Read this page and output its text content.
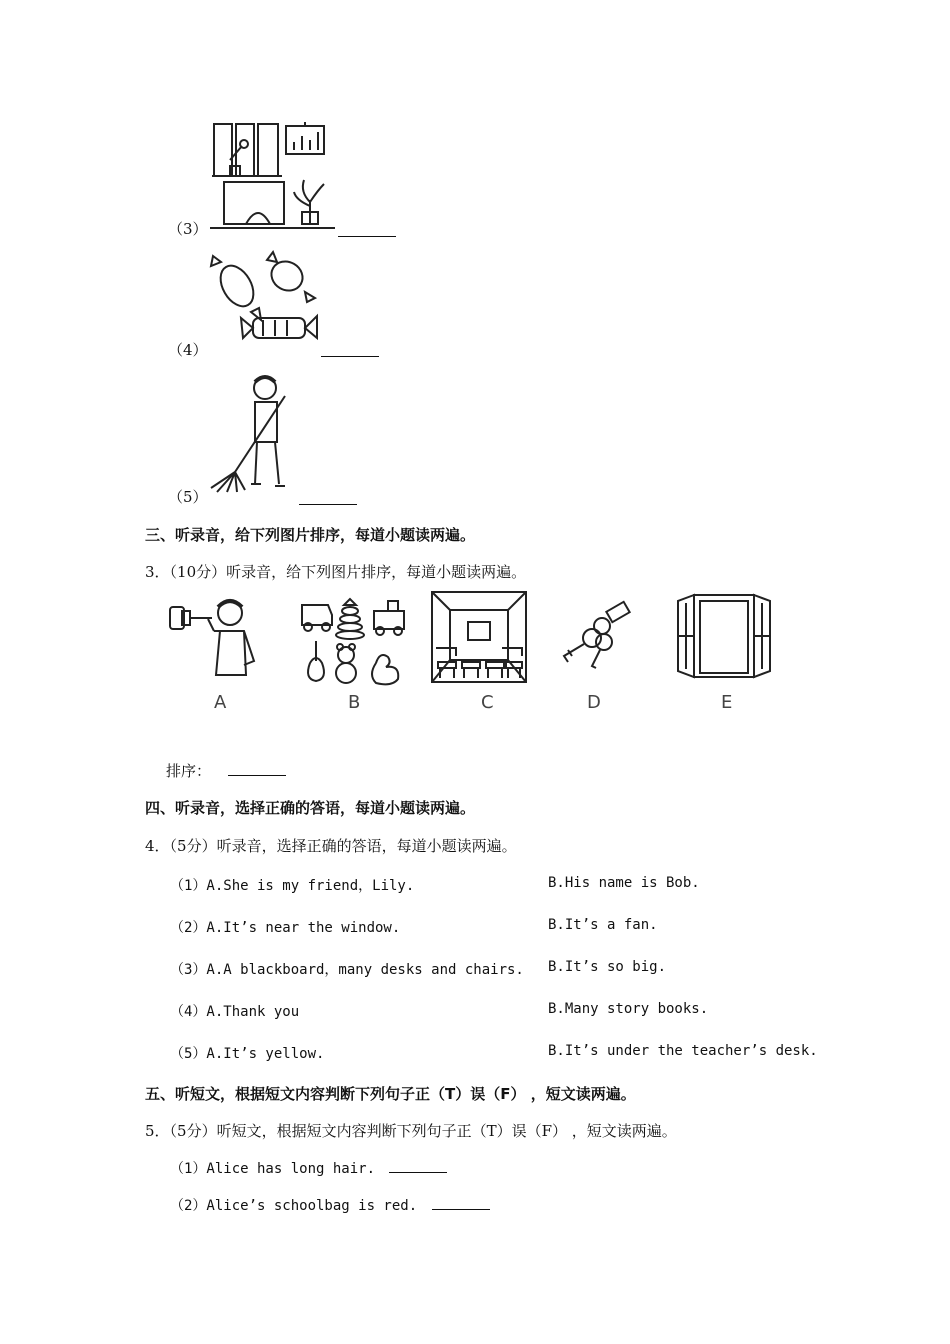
（3）
（4）
（5）
三、听录音，给下列图片排序，每道小题读两遍。
3．（10分）听录音，给下列图片排序，每道小题读两遍。
A	B	C	D	E
排序：
四、听录音，选择正确的答语，每道小题读两遍。
4．（5分）听录音，选择正确的答语，每道小题读两遍。
（1）A.She is my friend，Lily.	B.His name is Bob.
（2）A.It’s near the window.	B.It’s a fan.
（3）A.A blackboard，many desks and chairs. B.It’s so big.
（4）A.Thank you	B.Many story books.
（5）A.It’s yellow.	B.It’s under the teacher’s desk.
五、听短文，根据短文内容判断下列句子正（T）误（F） ，短文读两遍。
5．（5分）听短文，根据短文内容判断下列句子正（T）误（F） ，短文读两遍。
（1）Alice has long hair.
（2）Alice’s schoolbag is red.
